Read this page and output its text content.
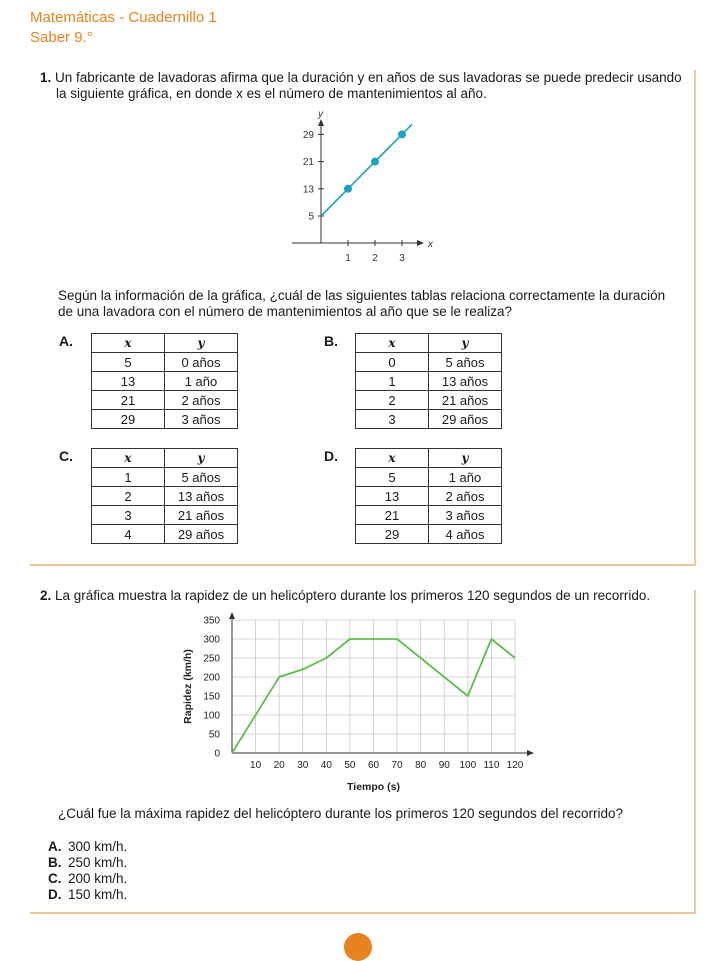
Matemáticas - Cuadernillo 1
Saber 9.°
1. Un fabricante de lavadoras afirma que la duración y en años de sus lavadoras se puede predecir usando
la siguiente gráfica, en donde x es el número de mantenimientos al año.
y
x
5
13
21
29
1 2 3
Según la información de la gráfica, ¿cuál de las siguientes tablas relaciona correctamente la duración
de una lavadora con el número de mantenimientos al año que se le realiza?
A.	x	y
5	0 años
13	1 año
21	2 años
29	3 años
B.	x	y
0	5 años
1	13 años
2	21 años
3	29 años
C.	x	y
1	5 años
2	13 años
3	21 años
4	29 años
D.	x	y
5	1 año
13	2 años
21	3 años
29	4 años
2. La gráfica muestra la rapidez de un helicóptero durante los primeros 120 segundos de un recorrido.
0
50
100
150
200
250
300
350
10 20 30 40 50 60 70 80 90 100 110 120
Tiempo (s)
Rapidez (km/h)
¿Cuál fue la máxima rapidez del helicóptero durante los primeros 120 segundos del recorrido?
A. 300 km/h.
B. 250 km/h.
C. 200 km/h.
D. 150 km/h.
